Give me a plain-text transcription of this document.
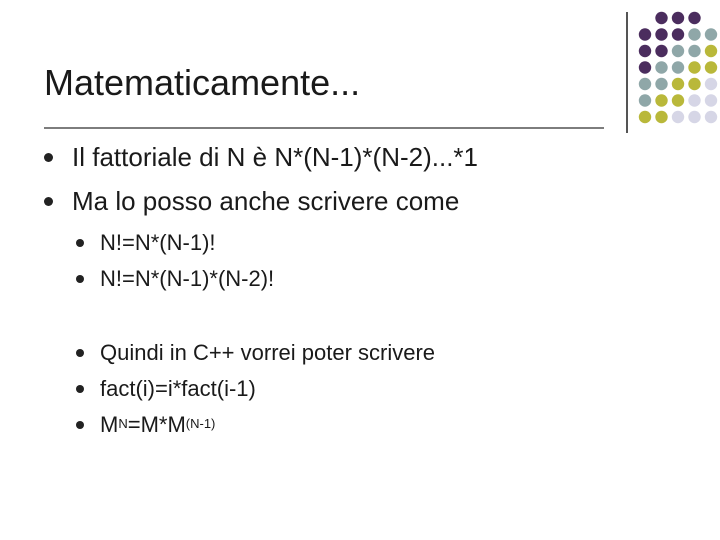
Matematicamente...
Il fattoriale di N è N*(N-1)*(N-2)...*1
Ma lo posso anche scrivere come
N!=N*(N-1)!
N!=N*(N-1)*(N-2)!
Quindi in C++ vorrei poter scrivere
fact(i)=i*fact(i-1)
$M^N=M*M^{(N-1)}$
